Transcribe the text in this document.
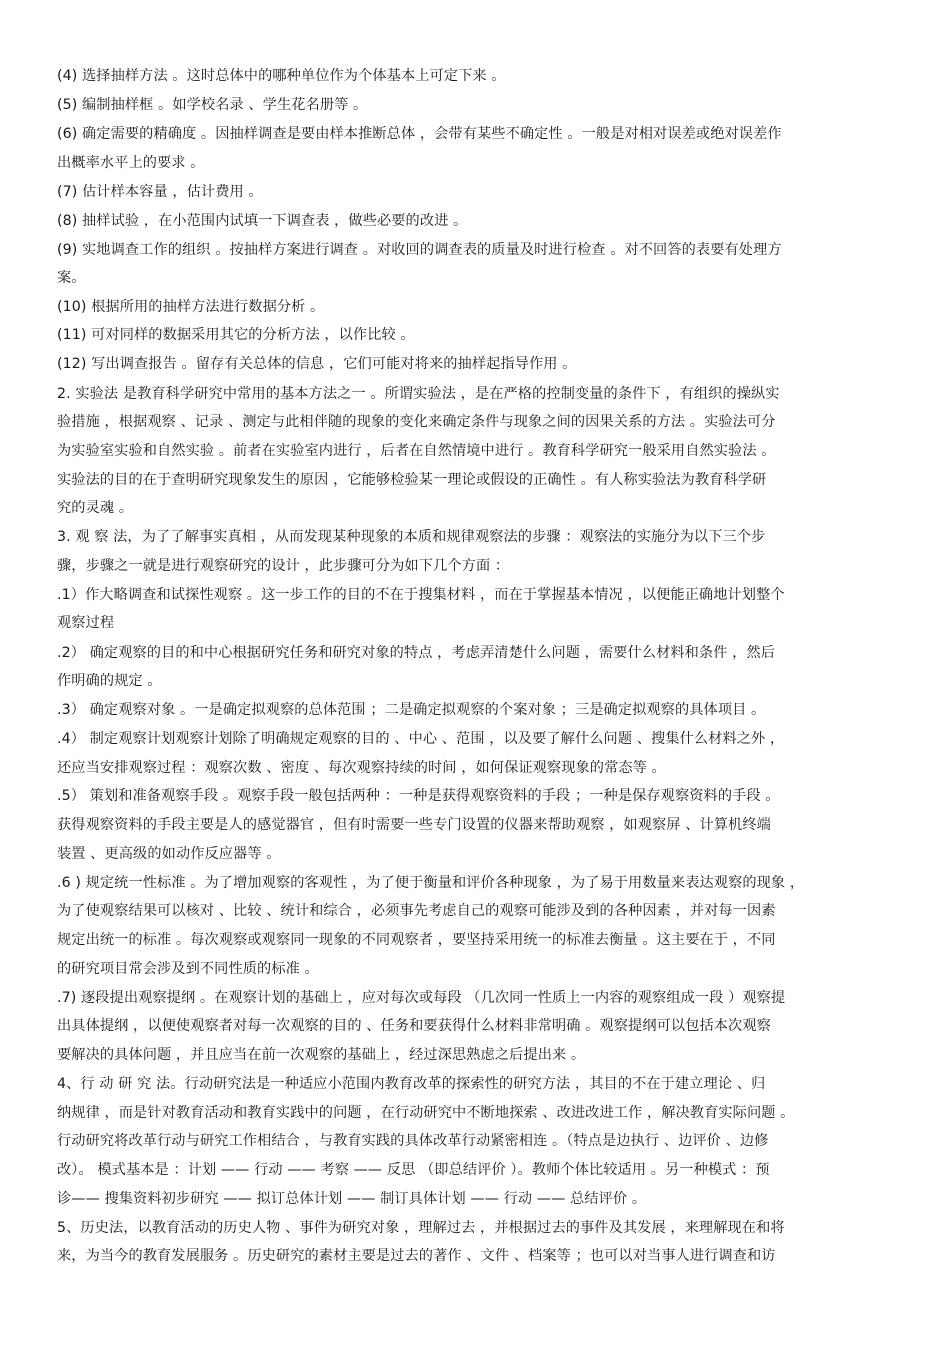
(4) 选择抽样方法 。这时总体中的哪种单位作为个体基本上可定下来 。
(5) 编制抽样框 。如学校名录 、学生花名册等 。
(6) 确定需要的精确度 。因抽样调查是要由样本推断总体 ，会带有某些不确定性 。一般是对相对误差或绝对误差作
出概率水平上的要求 。
(7) 估计样本容量 ，估计费用 。
(8) 抽样试验 ，在小范围内试填一下调查表 ，做些必要的改进 。
(9) 实地调查工作的组织 。按抽样方案进行调查 。对收回的调查表的质量及时进行检查 。对不回答的表要有处理方
案。
(10) 根据所用的抽样方法进行数据分析 。
(11) 可对同样的数据采用其它的分析方法 ，以作比较 。
(12) 写出调查报告 。留存有关总体的信息 ，它们可能对将来的抽样起指导作用 。
2. 实验法 是教育科学研究中常用的基本方法之一 。所谓实验法 ，是在严格的控制变量的条件下 ，有组织的操纵实
验措施 ，根据观察 、记录 、测定与此相伴随的现象的变化来确定条件与现象之间的因果关系的方法 。实验法可分
为实验室实验和自然实验 。前者在实验室内进行 ，后者在自然情境中进行 。教育科学研究一般采用自然实验法 。
实验法的目的在于查明研究现象发生的原因 ，它能够检验某一理论或假设的正确性 。有人称实验法为教育科学研
究的灵魂 。
3. 观 察 法，为了了解事实真相 ，从而发现某种现象的本质和规律观察法的步骤 ：观察法的实施分为以下三个步
骤，步骤之一就是进行观察研究的设计 ，此步骤可分为如下几个方面 ：
.1）作大略调查和试探性观察 。这一步工作的目的不在于搜集材料 ，而在于掌握基本情况 ，以便能正确地计划整个
观察过程
.2） 确定观察的目的和中心根据研究任务和研究对象的特点 ，考虑弄清楚什么问题 ，需要什么材料和条件 ，然后
作明确的规定 。
.3） 确定观察对象 。一是确定拟观察的总体范围 ；二是确定拟观察的个案对象 ；三是确定拟观察的具体项目 。
.4） 制定观察计划观察计划除了明确规定观察的目的 、中心 、范围 ，以及要了解什么问题 、搜集什么材料之外 ，
还应当安排观察过程 ：观察次数 、密度 、每次观察持续的时间 ，如何保证观察现象的常态等 。
.5） 策划和准备观察手段 。观察手段一般包括两种 ：一种是获得观察资料的手段 ；一种是保存观察资料的手段 。
获得观察资料的手段主要是人的感觉器官 ，但有时需要一些专门设置的仪器来帮助观察 ，如观察屏 、计算机终端
装置 、更高级的如动作反应器等 。
.6 ) 规定统一性标准 。为了增加观察的客观性 ，为了便于衡量和评价各种现象 ，为了易于用数量来表达观察的现象 ，
为了使观察结果可以核对 、比较 、统计和综合 ，必须事先考虑自己的观察可能涉及到的各种因素 ，并对每一因素
规定出统一的标准 。每次观察或观察同一现象的不同观察者 ，要坚持采用统一的标准去衡量 。这主要在于 ，不同
的研究项目常会涉及到不同性质的标准 。
.7) 逐段提出观察提纲 。在观察计划的基础上 ，应对每次或每段 （几次同一性质上一内容的观察组成一段 ）观察提
出具体提纲 ，以便使观察者对每一次观察的目的 、任务和要获得什么材料非常明确 。观察提纲可以包括本次观察
要解决的具体问题 ，并且应当在前一次观察的基础上 ，经过深思熟虑之后提出来 。
4、行 动 研 究 法。行动研究法是一种适应小范围内教育改革的探索性的研究方法 ，其目的不在于建立理论 、归
纳规律 ，而是针对教育活动和教育实践中的问题 ，在行动研究中不断地探索 、改进改进工作 ，解决教育实际问题 。
行动研究将改革行动与研究工作相结合 ，与教育实践的具体改革行动紧密相连 。（特点是边执行 、边评价 、边修
改）。 模式基本是 ：计划 —— 行动 —— 考察 —— 反思 （即总结评价 ）。教师个体比较适用 。另一种模式 ：预
诊—— 搜集资料初步研究 —— 拟订总体计划 —— 制订具体计划 —— 行动 —— 总结评价 。
5、历史法，以教育活动的历史人物 、事件为研究对象 ，理解过去 ，并根据过去的事件及其发展 ，来理解现在和将
来，为当今的教育发展服务 。历史研究的素材主要是过去的著作 、文件 、档案等 ；也可以对当事人进行调查和访
